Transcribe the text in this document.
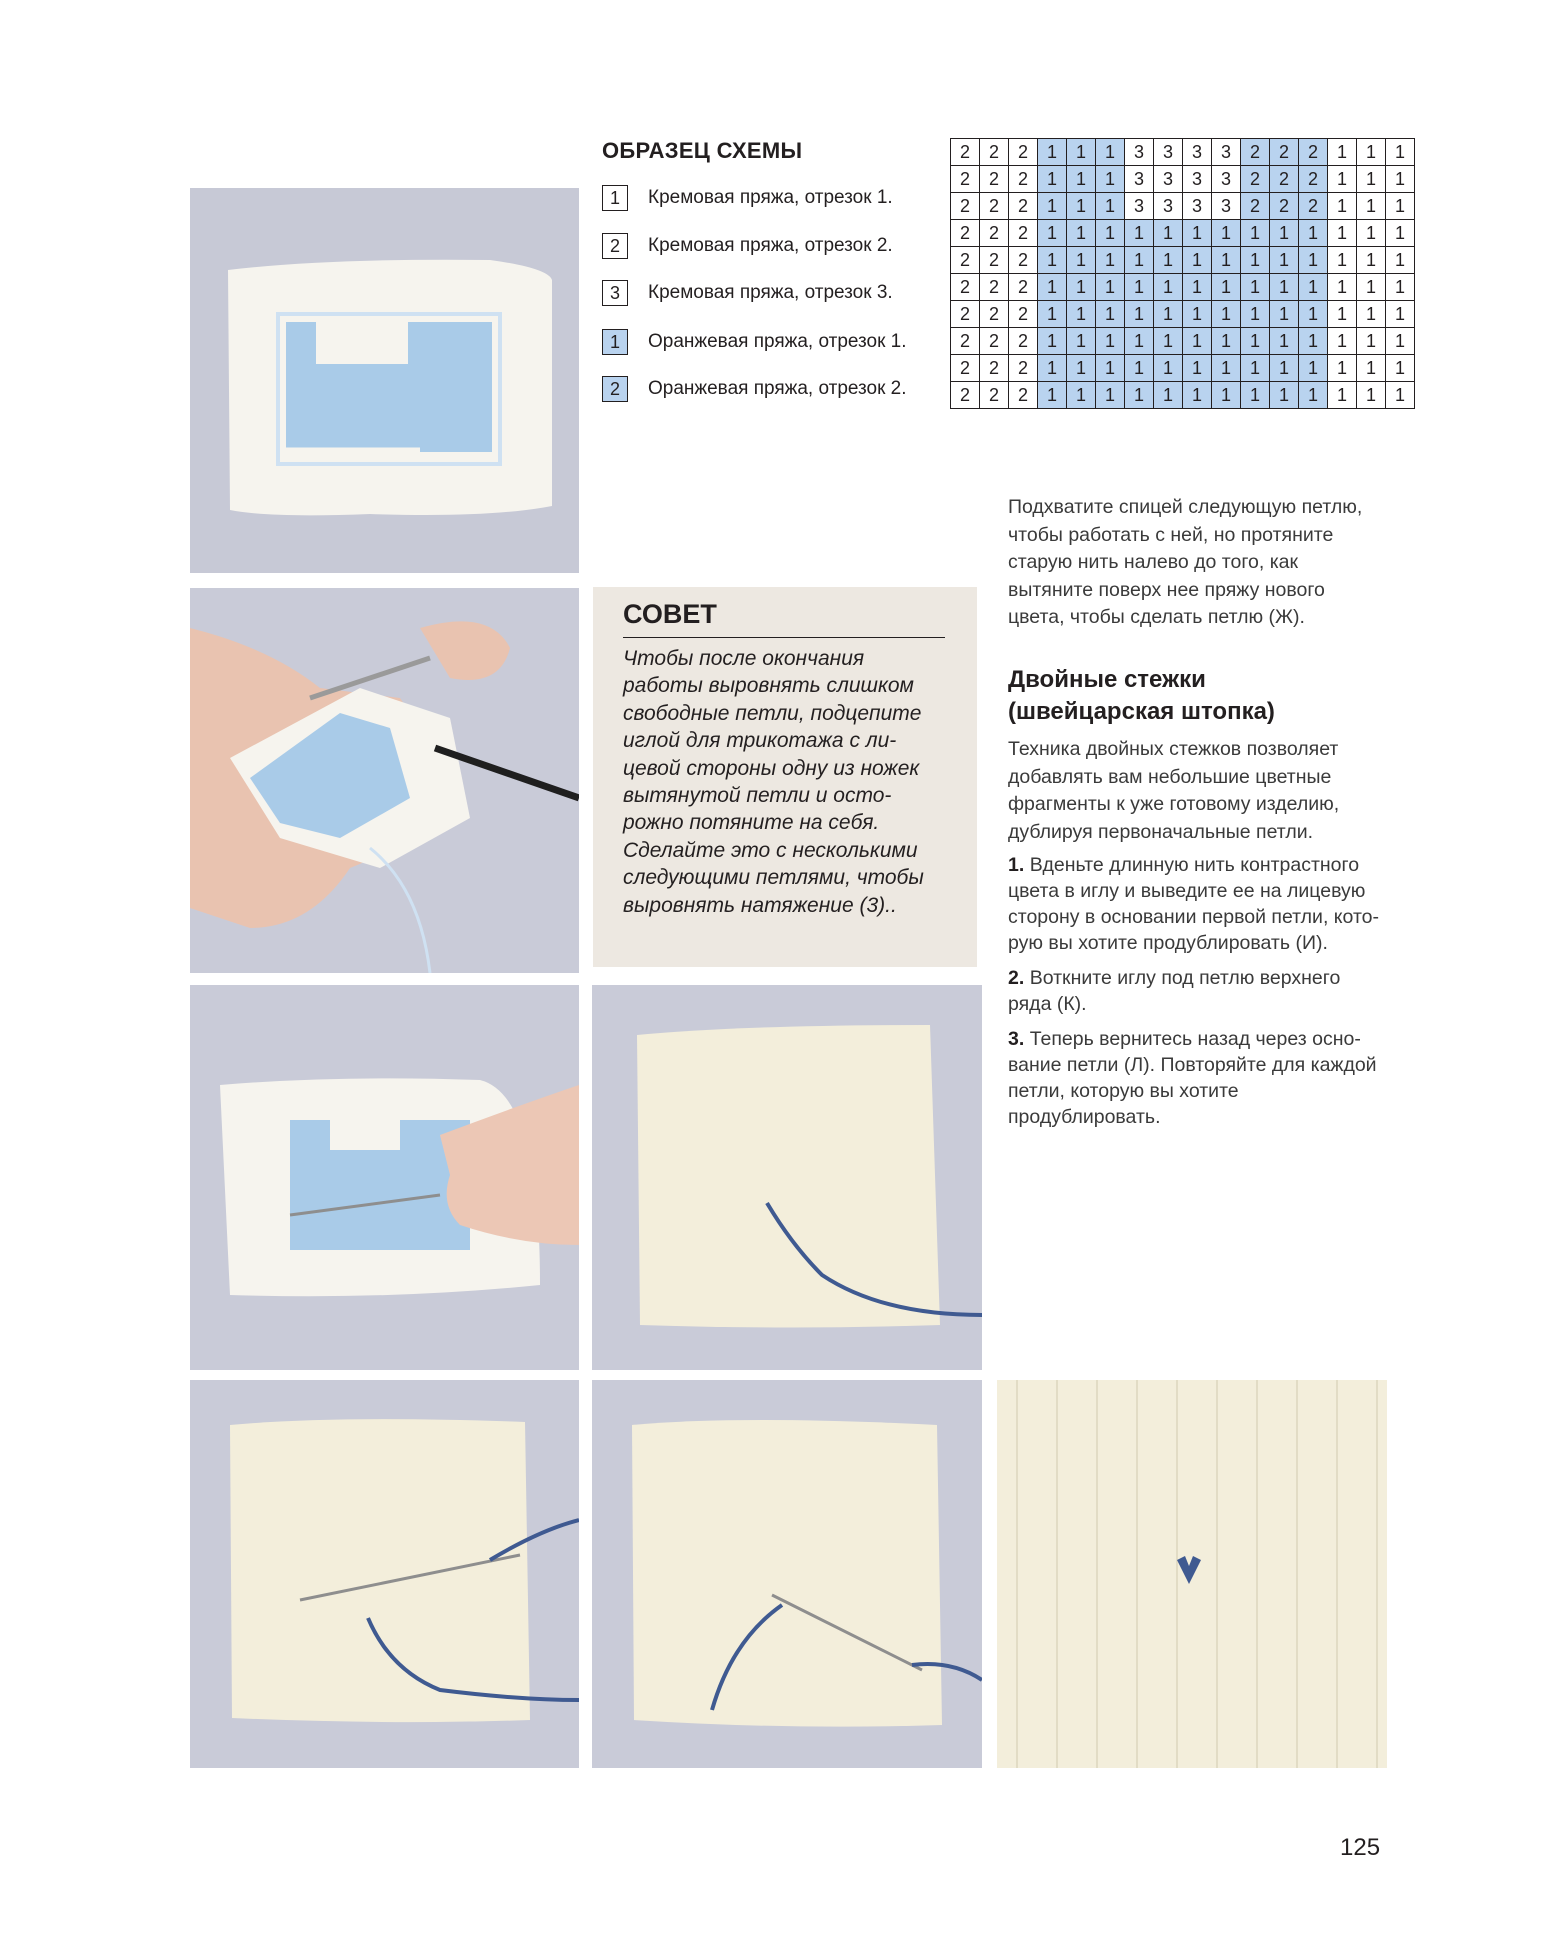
ОБРАЗЕЦ СХЕМЫ
1	Кремовая пряжа, отрезок 1.
2	Кремовая пряжа, отрезок 2.
3	Кремовая пряжа, отрезок 3.
1	Оранжевая пряжа, отрезок 1.
2	Оранжевая пряжа, отрезок 2.
2	2	2	1	1	1	3	3	3	3	2	2	2	1	1	1
2	2	2	1	1	1	3	3	3	3	2	2	2	1	1	1
2	2	2	1	1	1	3	3	3	3	2	2	2	1	1	1
2	2	2	1	1	1	1	1	1	1	1	1	1	1	1	1
2	2	2	1	1	1	1	1	1	1	1	1	1	1	1	1
2	2	2	1	1	1	1	1	1	1	1	1	1	1	1	1
2	2	2	1	1	1	1	1	1	1	1	1	1	1	1	1
2	2	2	1	1	1	1	1	1	1	1	1	1	1	1	1
2	2	2	1	1	1	1	1	1	1	1	1	1	1	1	1
2	2	2	1	1	1	1	1	1	1	1	1	1	1	1	1
СОВЕТ
Чтобы после окончания
работы выровнять слишком
свободные петли, подцепите
иглой для трикотажа с ли-
цевой стороны одну из ножек
вытянутой петли и осто-
рожно потяните на себя.
Сделайте это с несколькими
следующими петлями, чтобы
выровнять натяжение (3)..
Подхватите спицей следующую петлю,
чтобы работать с ней, но протяните
старую нить налево до того, как
вытяните поверх нее пряжу нового
цвета, чтобы сделать петлю (Ж).
Двойные стежки
(швейцарская штопка)
Техника двойных стежков позволяет
добавлять вам небольшие цветные
фрагменты к уже готовому изделию,
дублируя первоначальные петли.
1. Вденьте длинную нить контрастного
цвета в иглу и выведите ее на лицевую
сторону в основании первой петли, кото-
рую вы хотите продублировать (И).
2. Воткните иглу под петлю верхнего
ряда (К).
3. Теперь вернитесь назад через осно-
вание петли (Л). Повторяйте для каждой
петли, которую вы хотите продублировать.
125
